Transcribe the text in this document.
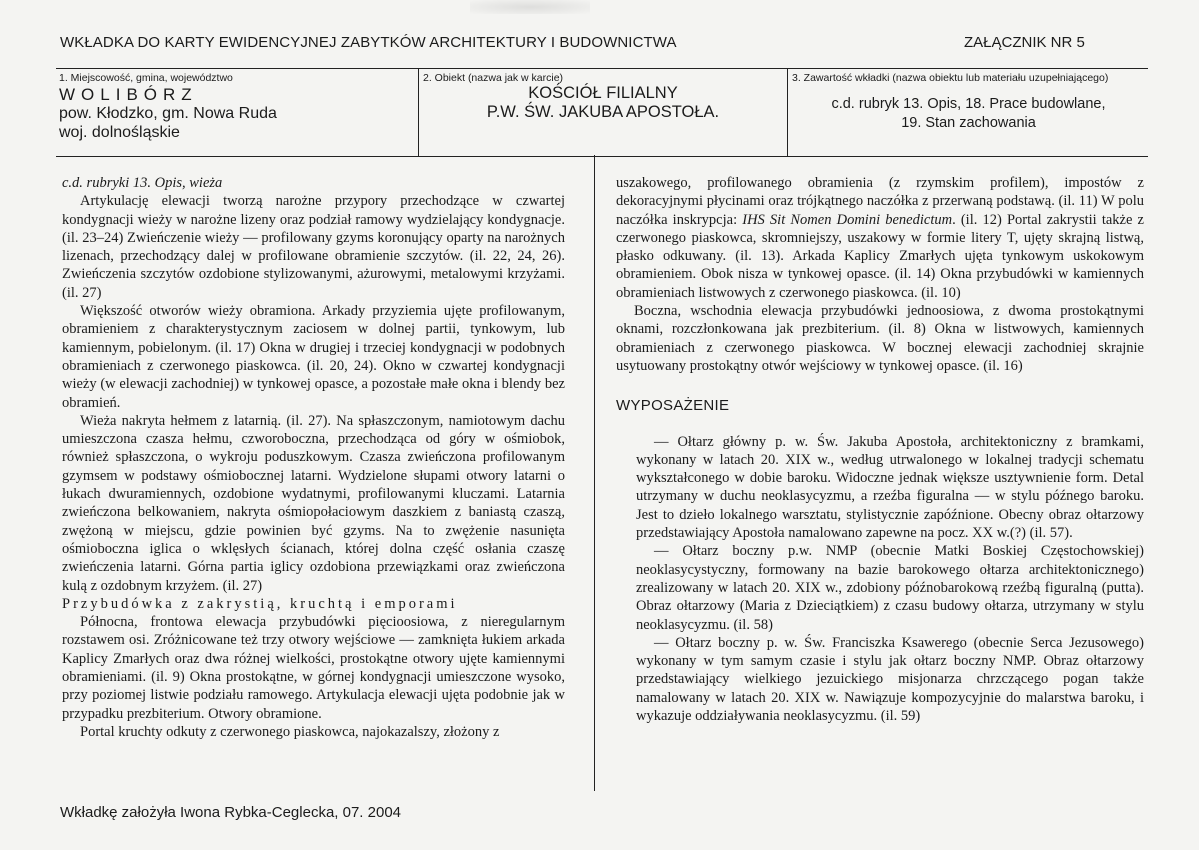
WKŁADKA DO KARTY EWIDENCYJNEJ ZABYTKÓW ARCHITEKTURY I BUDOWNICTWA	ZAŁĄCZNIK NR 5
1. Miejscowość, gmina, województwo
WOLIBÓRZ
pow. Kłodzko, gm. Nowa Ruda
woj. dolnośląskie
2. Obiekt (nazwa jak w karcie)
KOŚCIÓŁ FILIALNY
P.W. ŚW. JAKUBA APOSTOŁA.
3. Zawartość wkładki (nazwa obiektu lub materiału uzupełniającego)
c.d. rubryk 13. Opis, 18. Prace budowlane,
19. Stan zachowania

c.d. rubryki 13. Opis, wieża

Artykulację elewacji tworzą narożne przypory przechodzące w czwartej kondygnacji wieży w narożne lizeny oraz podział ramowy wydzielający kondygnacje. (il. 23–24) Zwieńczenie wieży — profilowany gzyms koronujący oparty na narożnych lizenach, przechodzący dalej w profilowane obramienie szczytów. (il. 22, 24, 26). Zwieńczenia szczytów ozdobione stylizowanymi, ażurowymi, metalowymi krzyżami. (il. 27)

Większość otworów wieży obramiona. Arkady przyziemia ujęte profilowanym, obramieniem z charakterystycznym zaciosem w dolnej partii, tynkowym, lub kamiennym, pobielonym. (il. 17) Okna w drugiej i trzeciej kondygnacji w podobnych obramieniach z czerwonego piaskowca. (il. 20, 24). Okno w czwartej kondygnacji wieży (w elewacji zachodniej) w tynkowej opasce, a pozostałe małe okna i blendy bez obramień.

Wieża nakryta hełmem z latarnią. (il. 27). Na spłaszczonym, namiotowym dachu umieszczona czasza hełmu, czworoboczna, przechodząca od góry w ośmiobok, również spłaszczona, o wykroju poduszkowym. Czasza zwieńczona profilowanym gzymsem w podstawy ośmiobocznej latarni. Wydzielone słupami otwory latarni o łukach dwuramiennych, ozdobione wydatnymi, profilowanymi kluczami. Latarnia zwieńczona belkowaniem, nakryta ośmiopołaciowym daszkiem z baniastą czaszą, zwężoną w miejscu, gdzie powinien być gzyms. Na to zwężenie nasunięta ośmioboczna iglica o wklęsłych ścianach, której dolna część osłania czaszę zwieńczenia latarni. Górna partia iglicy ozdobiona przewiązkami oraz zwieńczona kulą z ozdobnym krzyżem. (il. 27)

Przybudówka z zakrystią, kruchtą i emporami

Północna, frontowa elewacja przybudówki pięcioosiowa, z nieregularnym rozstawem osi. Zróżnicowane też trzy otwory wejściowe — zamknięta łukiem arkada Kaplicy Zmarłych oraz dwa różnej wielkości, prostokątne otwory ujęte kamiennymi obramieniami. (il. 9) Okna prostokątne, w górnej kondygnacji umieszczone wysoko, przy poziomej listwie podziału ramowego. Artykulacja elewacji ujęta podobnie jak w przypadku prezbiterium. Otwory obramione.

Portal kruchty odkuty z czerwonego piaskowca, najokazalszy, złożony z

uszakowego, profilowanego obramienia (z rzymskim profilem), impostów z dekoracyjnymi płycinami oraz trójkątnego naczółka z przerwaną podstawą. (il. 11) W polu naczółka inskrypcja: IHS Sit Nomen Domini benedictum. (il. 12) Portal zakrystii także z czerwonego piaskowca, skromniejszy, uszakowy w formie litery T, ujęty skrajną listwą, płasko odkuwany. (il. 13). Arkada Kaplicy Zmarłych ujęta tynkowym uskokowym obramieniem. Obok nisza w tynkowej opasce. (il. 14) Okna przybudówki w kamiennych obramieniach listwowych z czerwonego piaskowca. (il. 10)

Boczna, wschodnia elewacja przybudówki jednoosiowa, z dwoma prostokątnymi oknami, rozczłonkowana jak prezbiterium. (il. 8) Okna w listwowych, kamiennych obramieniach z czerwonego piaskowca. W bocznej elewacji zachodniej skrajnie usytuowany prostokątny otwór wejściowy w tynkowej opasce. (il. 16)

WYPOSAŻENIE

— Ołtarz główny p. w. Św. Jakuba Apostoła, architektoniczny z bramkami, wykonany w latach 20. XIX w., według utrwalonego w lokalnej tradycji schematu wykształconego w dobie baroku. Widoczne jednak większe usztywnienie form. Detal utrzymany w duchu neoklasycyzmu, a rzeźba figuralna — w stylu późnego baroku. Jest to dzieło lokalnego warsztatu, stylistycznie zapóźnione. Obecny obraz ołtarzowy przedstawiający Apostoła namalowano zapewne na pocz. XX w.(?) (il. 57).

— Ołtarz boczny p.w. NMP (obecnie Matki Boskiej Częstochowskiej) neoklasycystyczny, formowany na bazie barokowego ołtarza architektonicznego) zrealizowany w latach 20. XIX w., zdobiony późnobarokową rzeźbą figuralną (putta). Obraz ołtarzowy (Maria z Dzieciątkiem) z czasu budowy ołtarza, utrzymany w stylu neoklasycyzmu. (il. 58)

— Ołtarz boczny p. w. Św. Franciszka Ksawerego (obecnie Serca Jezusowego) wykonany w tym samym czasie i stylu jak ołtarz boczny NMP. Obraz ołtarzowy przedstawiający wielkiego jezuickiego misjonarza chrzczącego pogan także namalowany w latach 20. XIX w. Nawiązuje kompozycyjnie do malarstwa baroku, i wykazuje oddziaływania neoklasycyzmu. (il. 59)

Wkładkę założyła Iwona Rybka-Ceglecka, 07. 2004
